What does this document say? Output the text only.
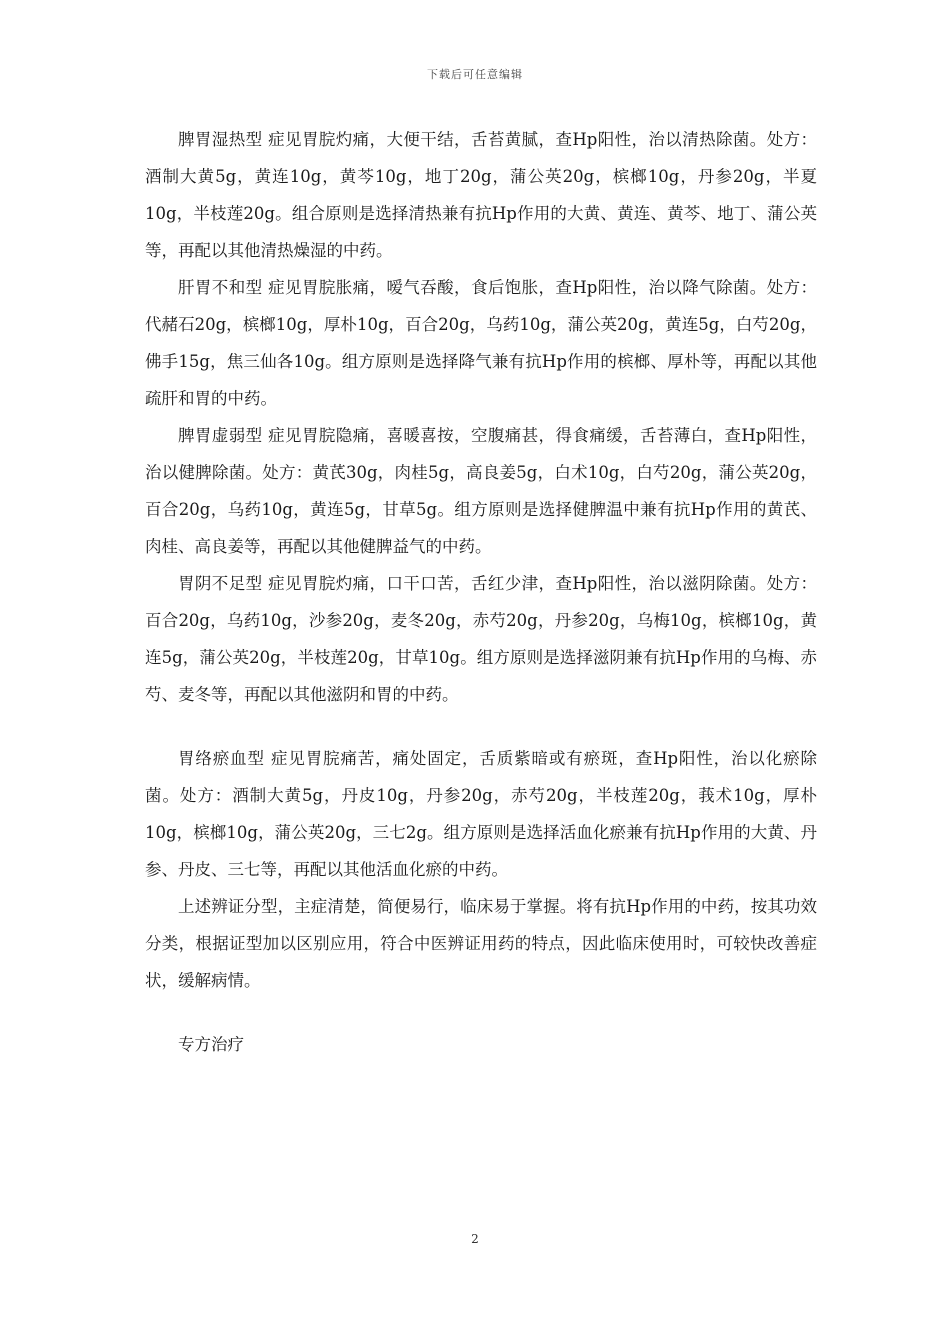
下载后可任意编辑

脾胃湿热型 症见胃脘灼痛，大便干结，舌苔黄腻，查Hp阳性，治以清热除菌。处方：酒制大黄5g，黄连10g，黄芩10g，地丁20g，蒲公英20g，槟榔10g，丹参20g，半夏10g，半枝莲20g。组合原则是选择清热兼有抗Hp作用的大黄、黄连、黄芩、地丁、蒲公英等，再配以其他清热燥湿的中药。

肝胃不和型 症见胃脘胀痛，嗳气吞酸，食后饱胀，查Hp阳性，治以降气除菌。处方：代赭石20g，槟榔10g，厚朴10g，百合20g，乌药10g，蒲公英20g，黄连5g，白芍20g，佛手15g，焦三仙各10g。组方原则是选择降气兼有抗Hp作用的槟榔、厚朴等，再配以其他疏肝和胃的中药。

脾胃虚弱型 症见胃脘隐痛，喜暖喜按，空腹痛甚，得食痛缓，舌苔薄白，查Hp阳性，治以健脾除菌。处方：黄芪30g，肉桂5g，高良姜5g，白术10g，白芍20g，蒲公英20g，百合20g，乌药10g，黄连5g，甘草5g。组方原则是选择健脾温中兼有抗Hp作用的黄芪、肉桂、高良姜等，再配以其他健脾益气的中药。

胃阴不足型 症见胃脘灼痛，口干口苦，舌红少津，查Hp阳性，治以滋阴除菌。处方：百合20g，乌药10g，沙参20g，麦冬20g，赤芍20g，丹参20g，乌梅10g，槟榔10g，黄连5g，蒲公英20g，半枝莲20g，甘草10g。组方原则是选择滋阴兼有抗Hp作用的乌梅、赤芍、麦冬等，再配以其他滋阴和胃的中药。

胃络瘀血型 症见胃脘痛苦，痛处固定，舌质紫暗或有瘀斑，查Hp阳性，治以化瘀除菌。处方：酒制大黄5g，丹皮10g，丹参20g，赤芍20g，半枝莲20g，莪术10g，厚朴10g，槟榔10g，蒲公英20g，三七2g。组方原则是选择活血化瘀兼有抗Hp作用的大黄、丹参、丹皮、三七等，再配以其他活血化瘀的中药。

上述辨证分型，主症清楚，简便易行，临床易于掌握。将有抗Hp作用的中药，按其功效分类，根据证型加以区别应用，符合中医辨证用药的特点，因此临床使用时，可较快改善症状，缓解病情。

专方治疗

2
